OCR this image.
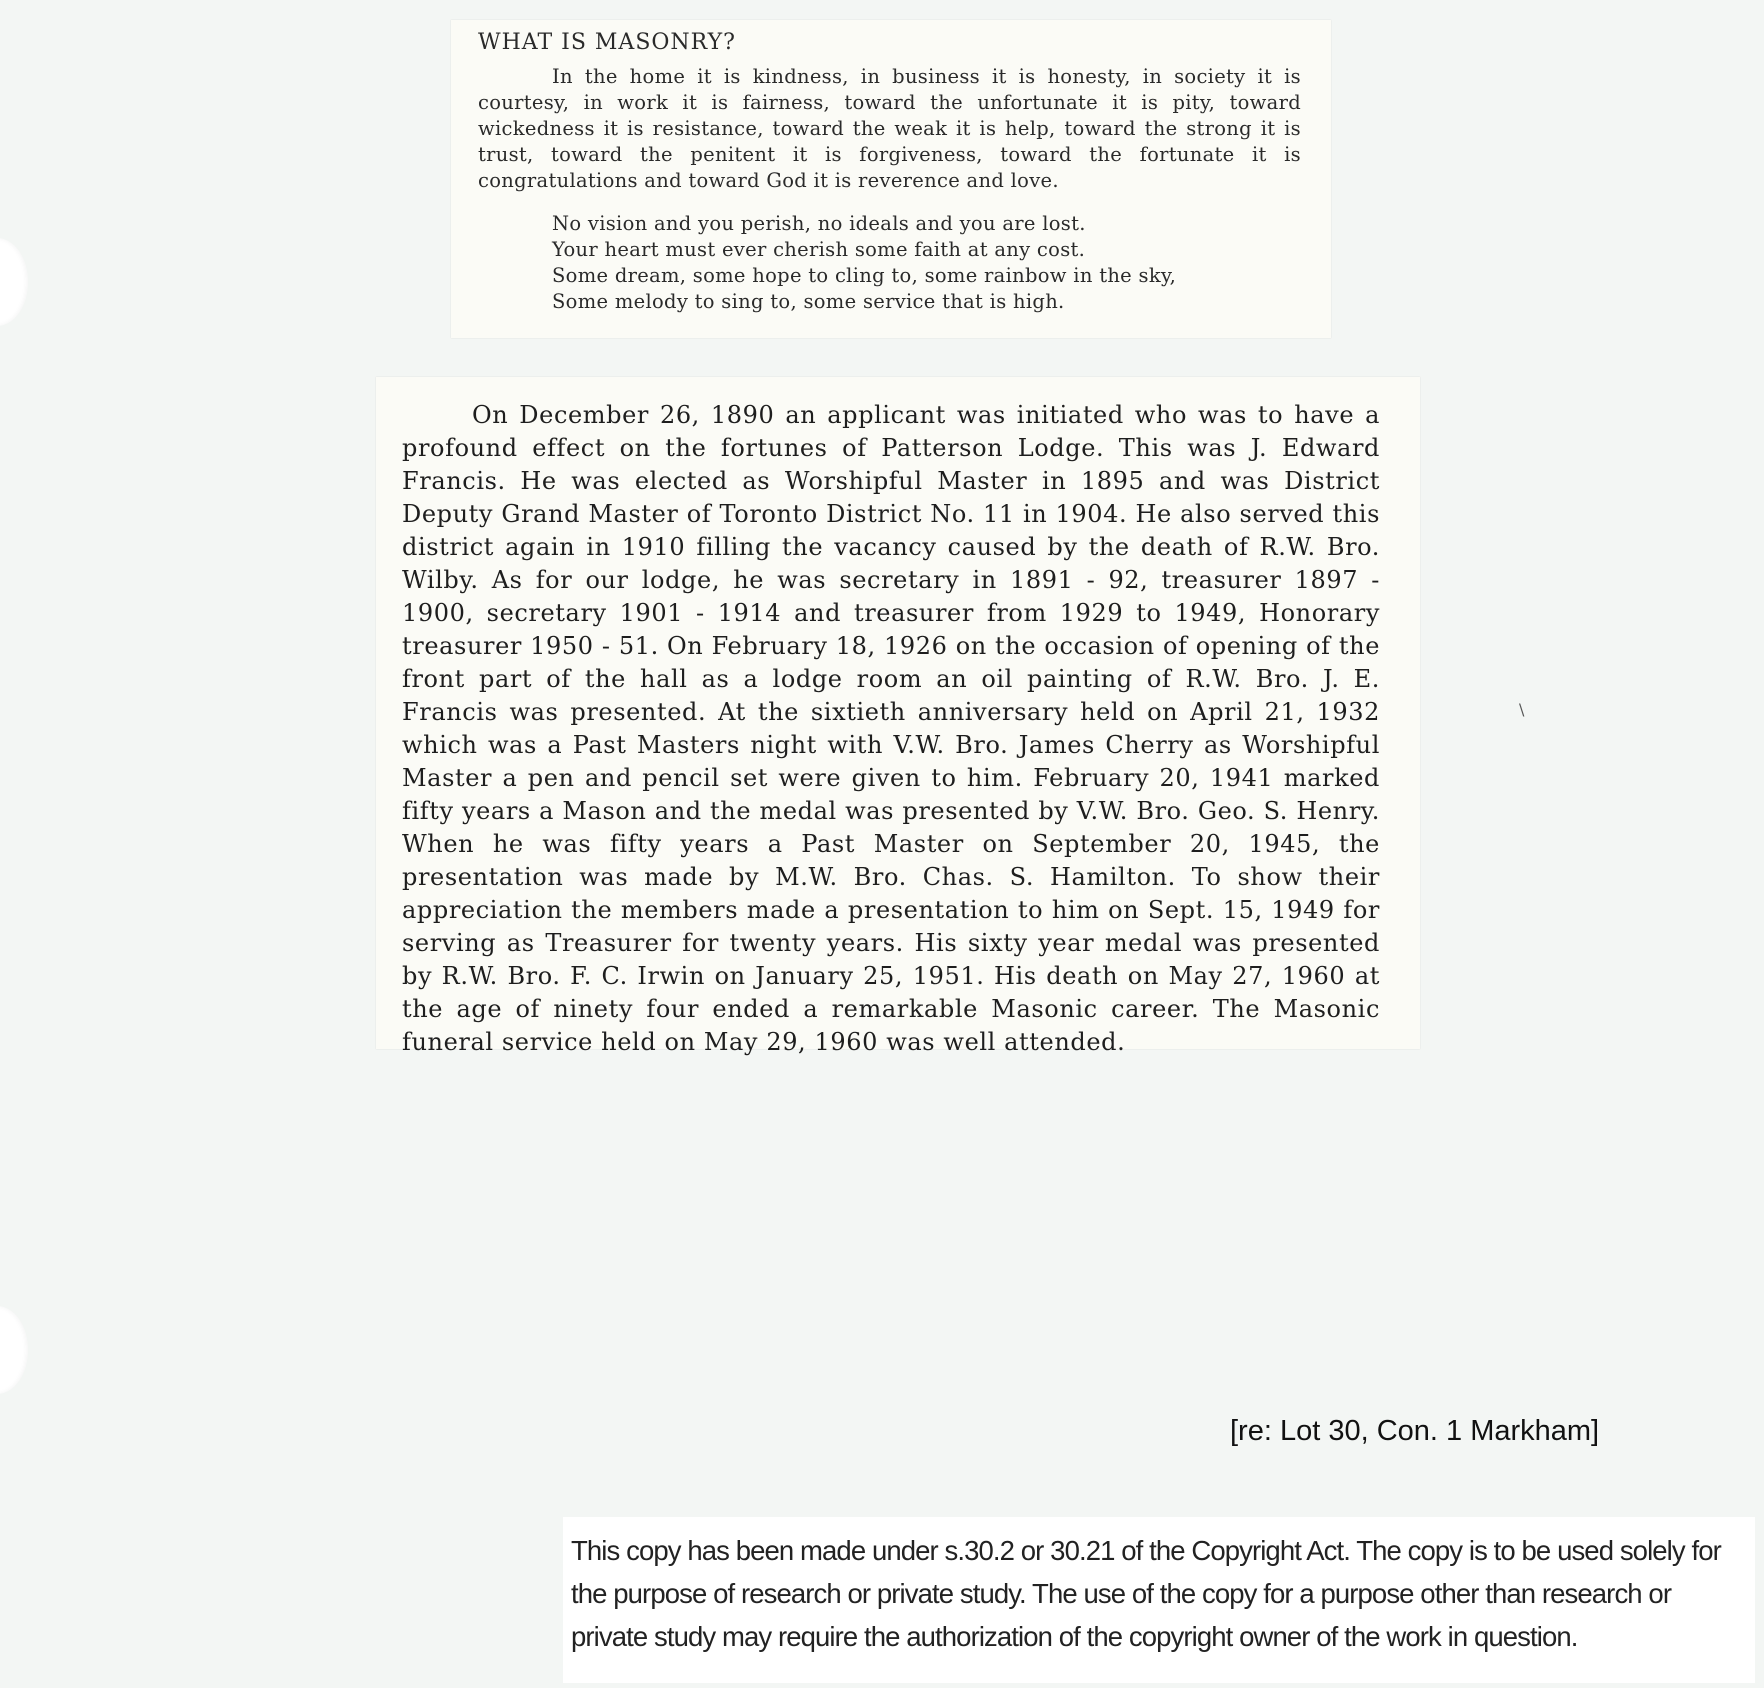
WHAT IS MASONRY?

In the home it is kindness, in business it is honesty, in society it is courtesy, in work it is fairness, toward the unfortunate it is pity, toward wickedness it is resistance, toward the weak it is help, toward the strong it is trust, toward the penitent it is forgiveness, toward the fortunate it is congratulations and toward God it is reverence and love.

No vision and you perish, no ideals and you are lost.
Your heart must ever cherish some faith at any cost.
Some dream, some hope to cling to, some rainbow in the sky,
Some melody to sing to, some service that is high.

On December 26, 1890 an applicant was initiated who was to have a profound effect on the fortunes of Patterson Lodge. This was J. Edward Francis. He was elected as Worshipful Master in 1895 and was District Deputy Grand Master of Toronto District No. 11 in 1904. He also served this district again in 1910 filling the vacancy caused by the death of R.W. Bro. Wilby. As for our lodge, he was secretary in 1891 - 92, treasurer 1897 - 1900, secretary 1901 - 1914 and treasurer from 1929 to 1949, Honorary treasurer 1950 - 51. On February 18, 1926 on the occasion of opening of the front part of the hall as a lodge room an oil painting of R.W. Bro. J. E. Francis was presented. At the sixtieth anniversary held on April 21, 1932 which was a Past Masters night with V.W. Bro. James Cherry as Worshipful Master a pen and pencil set were given to him. February 20, 1941 marked fifty years a Mason and the medal was presented by V.W. Bro. Geo. S. Henry. When he was fifty years a Past Master on September 20, 1945, the presentation was made by M.W. Bro. Chas. S. Hamilton. To show their appreciation the members made a presentation to him on Sept. 15, 1949 for serving as Treasurer for twenty years. His sixty year medal was presented by R.W. Bro. F. C. Irwin on January 25, 1951. His death on May 27, 1960 at the age of ninety four ended a remarkable Masonic career. The Masonic funeral service held on May 29, 1960 was well attended.

\
[re: Lot 30, Con. 1 Markham]
This copy has been made under s.30.2 or 30.21 of the Copyright Act. The copy is to be used solely for the purpose of research or private study. The use of the copy for a purpose other than research or private study may require the authorization of the copyright owner of the work in question.
